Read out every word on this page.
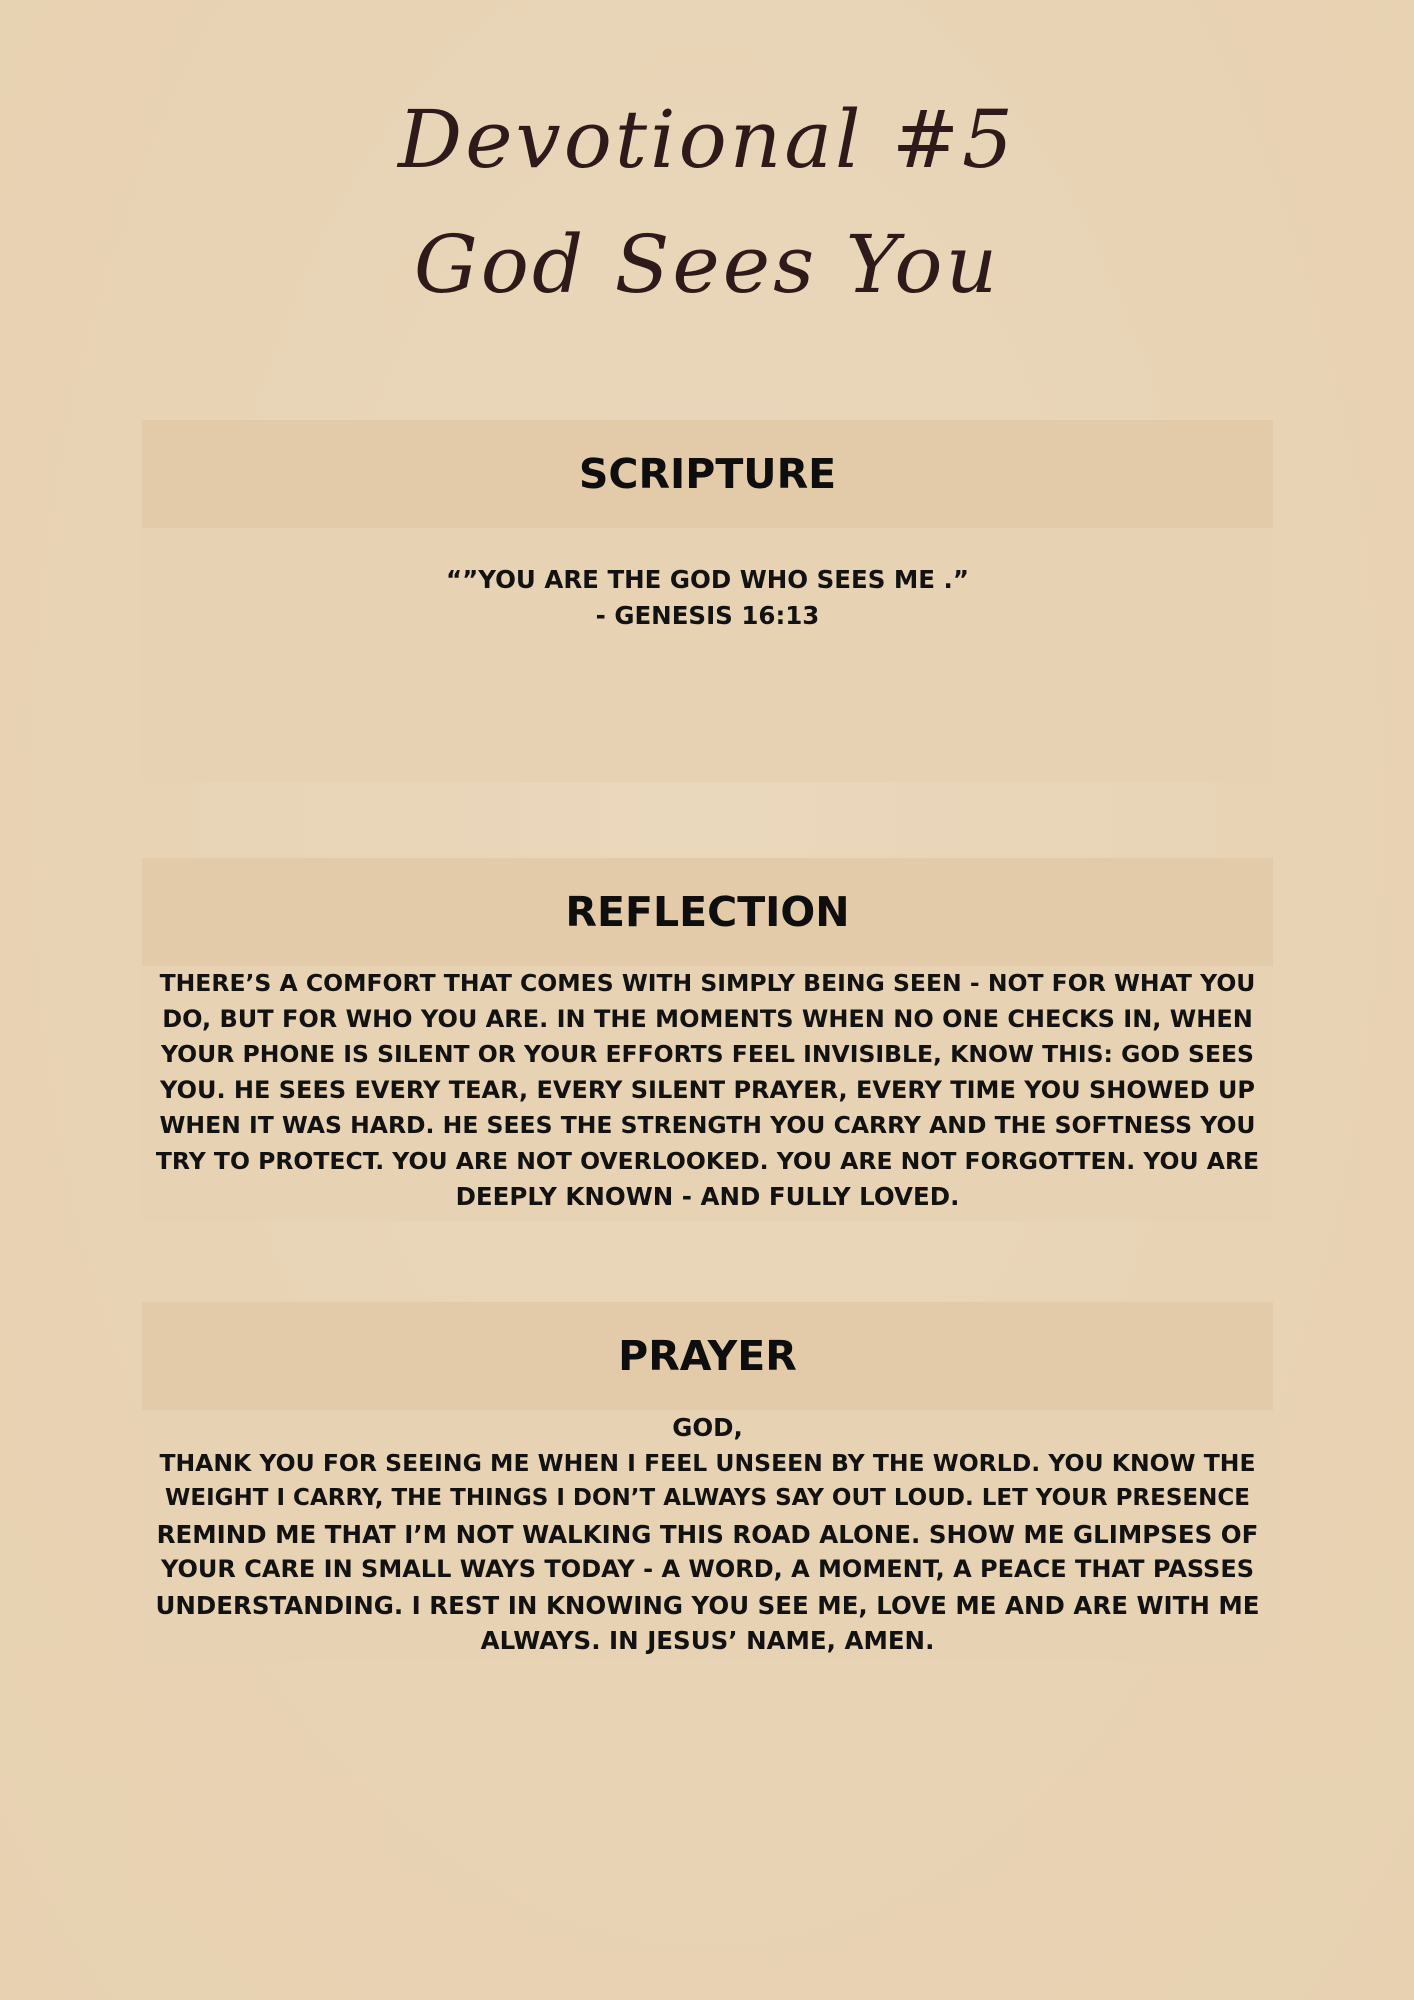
Devotional #5
God Sees You
SCRIPTURE
“”YOU ARE THE GOD WHO SEES ME .”
- GENESIS 16:13
REFLECTION
THERE’S A COMFORT THAT COMES WITH SIMPLY BEING SEEN - NOT FOR WHAT YOU
DO, BUT FOR WHO YOU ARE. IN THE MOMENTS WHEN NO ONE CHECKS IN, WHEN
YOUR PHONE IS SILENT OR YOUR EFFORTS FEEL INVISIBLE, KNOW THIS: GOD SEES
YOU. HE SEES EVERY TEAR, EVERY SILENT PRAYER, EVERY TIME YOU SHOWED UP
WHEN IT WAS HARD. HE SEES THE STRENGTH YOU CARRY AND THE SOFTNESS YOU
TRY TO PROTECT. YOU ARE NOT OVERLOOKED. YOU ARE NOT FORGOTTEN. YOU ARE
DEEPLY KNOWN - AND FULLY LOVED.
PRAYER
GOD,
THANK YOU FOR SEEING ME WHEN I FEEL UNSEEN BY THE WORLD. YOU KNOW THE
WEIGHT I CARRY, THE THINGS I DON’T ALWAYS SAY OUT LOUD. LET YOUR PRESENCE
REMIND ME THAT I’M NOT WALKING THIS ROAD ALONE. SHOW ME GLIMPSES OF
YOUR CARE IN SMALL WAYS TODAY - A WORD, A MOMENT, A PEACE THAT PASSES
UNDERSTANDING. I REST IN KNOWING YOU SEE ME, LOVE ME AND ARE WITH ME
ALWAYS. IN JESUS’ NAME, AMEN.
